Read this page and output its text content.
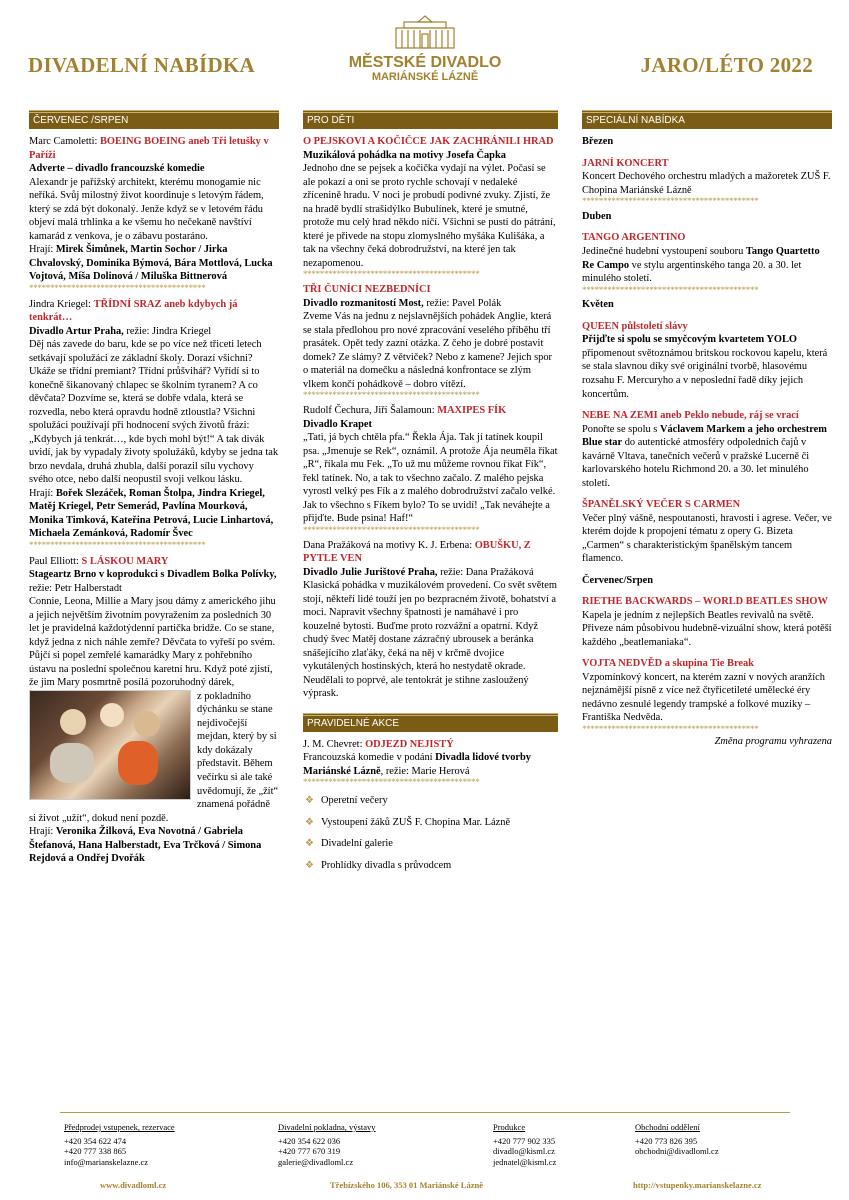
DIVADELNÍ NABÍDKA	MĚSTSKÉ DIVADLO
MARIÁNSKÉ LÁZNĚ	JARO/LÉTO 2022
ČERVENEC /SRPEN

Marc Camoletti: BOEING BOEING aneb Tři letušky v Paříži

Adverte – divadlo francouzské komedie

Alexandr je pařížský architekt, kterému monogamie nic neříká. Svůj milostný život koordinuje s letovým řádem, který se zdá být dokonalý. Jenže když se v letovém řádu objeví malá trhlinka a ke všemu ho nečekaně navštíví kamarád z venkova, je o zábavu postaráno.

Hrají: Mirek Šimůnek, Martin Sochor / Jirka Chvalovský, Dominika Býmová, Bára Mottlová, Lucka Vojtová, Míša Dolinová / Miluška Bittnerová

******************************************

Jindra Kriegel: TŘÍDNÍ SRAZ aneb kdybych já tenkrát…

Divadlo Artur Praha, režie: Jindra Kriegel

Děj nás zavede do baru, kde se po více než třiceti letech setkávají spolužáci ze základní školy. Dorazí všichni? Ukáže se třídní premiant? Třídní průšvihář? Vyřídí si to konečně šikanovaný chlapec se školním tyranem? A co děvčata? Dozvíme se, která se dobře vdala, která se rozvedla, nebo která opravdu hodně ztloustla? Všichni spolužáci používají při hodnocení svých životů frázi: „Kdybych já tenkrát…, kde bych mohl být!“ A tak divák uvidí, jak by vypadaly životy spolužáků, kdyby se jedna tak brzo nevdala, druhá zhubla, další porazil sílu vychovy svého otce, nebo další neopustil svoji velkou lásku.

Hrají: Bořek Slezáček, Roman Štolpa, Jindra Kriegel, Matěj Kriegel, Petr Semerád, Pavlína Mourková, Monika Timková, Kateřina Petrová, Lucie Linhartová, Michaela Zemánková, Radomír Švec

******************************************

Paul Elliott: S LÁSKOU MARY

Stageartz Brno v koprodukci s Divadlem Bolka Polívky, režie: Petr Halberstadt

Connie, Leona, Millie a Mary jsou dámy z amerického jihu a jejich největším životním povyražením za posledních 30 let je pravidelná každotýdenní partička bridže. Co se stane, když jedna z nich náhle zemře? Děvčata to vyřeší po svém. Půjčí si popel zemřelé kamarádky Mary z pohřebního ústavu na poslední společnou karetní hru. Když poté zjistí, že jim Mary posmrtně posílá pozoruhodný dárek,

z pokladního dýchánku se stane nejdivočejší mejdan, který by si kdy dokázaly představit. Během večírku si ale také uvědomují, že „žít“ znamená pořádně si život „užít“, dokud není pozdě.

Hrají: Veronika Žilková, Eva Novotná / Gabriela Štefanová, Hana Halberstadt, Eva Trčková / Simona Rejdová a Ondřej Dvořák

PRO DĚTI

O PEJSKOVI A KOČIČCE JAK ZACHRÁNILI HRAD

Muzikálová pohádka na motivy Josefa Čapka

Jednoho dne se pejsek a kočička vydají na výlet. Počasí se ale pokazí a oni se proto rychle schovají v nedaleké zřícenině hradu. V noci je probudí podivné zvuky. Zjistí, že na hradě bydlí strašidýlko Bubulínek, které je smutné, protože mu celý hrad někdo ničí. Všichni se pustí do pátrání, které je přivede na stopu zlomyslného myšáka Kulišáka, a tak na všechny čeká dobrodružství, na které jen tak nezapomenou.

******************************************

TŘI ČUNÍCI NEZBEDNÍCI

Divadlo rozmanitostí Most, režie: Pavel Polák

Zveme Vás na jednu z nejslavnějších pohádek Anglie, která se stala předlohou pro nové zpracování veselého příběhu tří prasátek. Opět tedy zazní otázka. Z čeho je dobré postavit domek? Ze slámy? Z větviček? Nebo z kamene? Jejich spor o materiál na domečku a následná konfrontace se zlým vlkem končí pohádkově – dobro vítězí.

******************************************

Rudolf Čechura, Jiří Šalamoun: MAXIPES FÍK

Divadlo Krapet

„Tati, já bych chtěla pfa.“ Řekla Ája. Tak jí tatínek koupil psa. „Jmenuje se Rek“, oznámil. A protože Ája neuměla říkat „R“, říkala mu Fek. „To už mu můžeme rovnou říkat Fík“, řekl tatínek. No, a tak to všechno začalo. Z malého pejska vyrostl velký pes Fík a z malého dobrodružství začalo velké. Jak to všechno s Fíkem bylo? To se uvidí! „Tak neváhejte a přijďte. Bude psina! Haf!“

******************************************

Dana Pražáková na motivy K. J. Erbena: OBUŠKU, Z PYTLE VEN

Divadlo Julie Jurištové Praha, režie: Dana Pražáková

Klasická pohádka v muzikálovém provedení. Co svět světem stojí, někteří lidé touží jen po bezpracném životě, bohatství a moci. Napravit všechny špatnosti je namáhavé i pro kouzelné bytosti. Buďme proto rozvážní a opatrní. Když chudý švec Matěj dostane zázračný ubrousek a beránka snášejícího zlaťáky, čeká na něj v krčmě dvojice vykutálených hostinských, která ho nestydatě okrade. Neudělali to poprvé, ale tentokrát je stihne zasloužený výprask.

PRAVIDELNÉ AKCE

J. M. Chevret: ODJEZD NEJISTÝ

Francouzská komedie v podání Divadla lidové tvorby Mariánské Lázně, režie: Marie Herová

******************************************
❖ Operetní večery
❖ Vystoupení žáků ZUŠ F. Chopina Mar. Lázně
❖ Divadelní galerie
❖ Prohlídky divadla s průvodcem
SPECIÁLNÍ NABÍDKA

Březen

JARNÍ KONCERT

Koncert Dechového orchestru mladých a mažoretek ZUŠ F. Chopina Mariánské Lázně

******************************************

Duben

TANGO ARGENTINO

Jedinečné hudební vystoupení souboru Tango Quartetto Re Campo ve stylu argentinského tanga 20. a 30. let minulého století.

******************************************

Květen

QUEEN půlstoletí slávy

Přijďte si spolu se smyčcovým kvartetem YOLO připomenout světoznámou britskou rockovou kapelu, která se stala slavnou díky své originální tvorbě, hlasovému rozsahu F. Mercuryho a v neposlední řadě díky jejich koncertům.

NEBE NA ZEMI aneb Peklo nebude, ráj se vrací

Ponořte se spolu s Václavem Markem a jeho orchestrem Blue star do autentické atmosféry odpoledních čajů v kavárně Vltava, tanečních večerů v pražské Lucerně či karlovarského hotelu Richmond 20. a 30. let minulého století.

ŠPANĚLSKÝ VEČER S CARMEN

Večer plný vášně, nespoutanosti, hravosti i agrese. Večer, ve kterém dojde k propojení tématu z opery G. Bizeta „Carmen“ s charakteristickým španělským tancem flamenco.

Červenec/Srpen

RIETHE BACKWARDS – WORLD BEATLES SHOW

Kapela je jedním z nejlepších Beatles revivalů na světě. Přiveze nám působivou hudebně-vizuální show, která potěší každého „beatlemaniaka“.

VOJTA NEDVĚD a skupina Tie Break

Vzpomínkový koncert, na kterém zazní v nových aranžích nejznámější písně z více než čtyřicetileté umělecké éry nedávno zesnulé legendy trampské a folkové muziky – Františka Nedvěda.

******************************************

Změna programu vyhrazena

Předprodej vstupenek, rezervace
+420 354 622 474
+420 777 338 865
info@marianskelazne.cz
Divadelní pokladna, výstavy
+420 354 622 036
+420 777 670 319
galerie@divadloml.cz
Produkce
+420 777 902 335
divadlo@kisml.cz
jednatel@kisml.cz
Obchodní oddělení
+420 773 826 395
obchodni@divadloml.cz
www.divadloml.cz	Třebízského 106, 353 01 Mariánské Lázně	http://vstupenky.marianskelazne.cz
